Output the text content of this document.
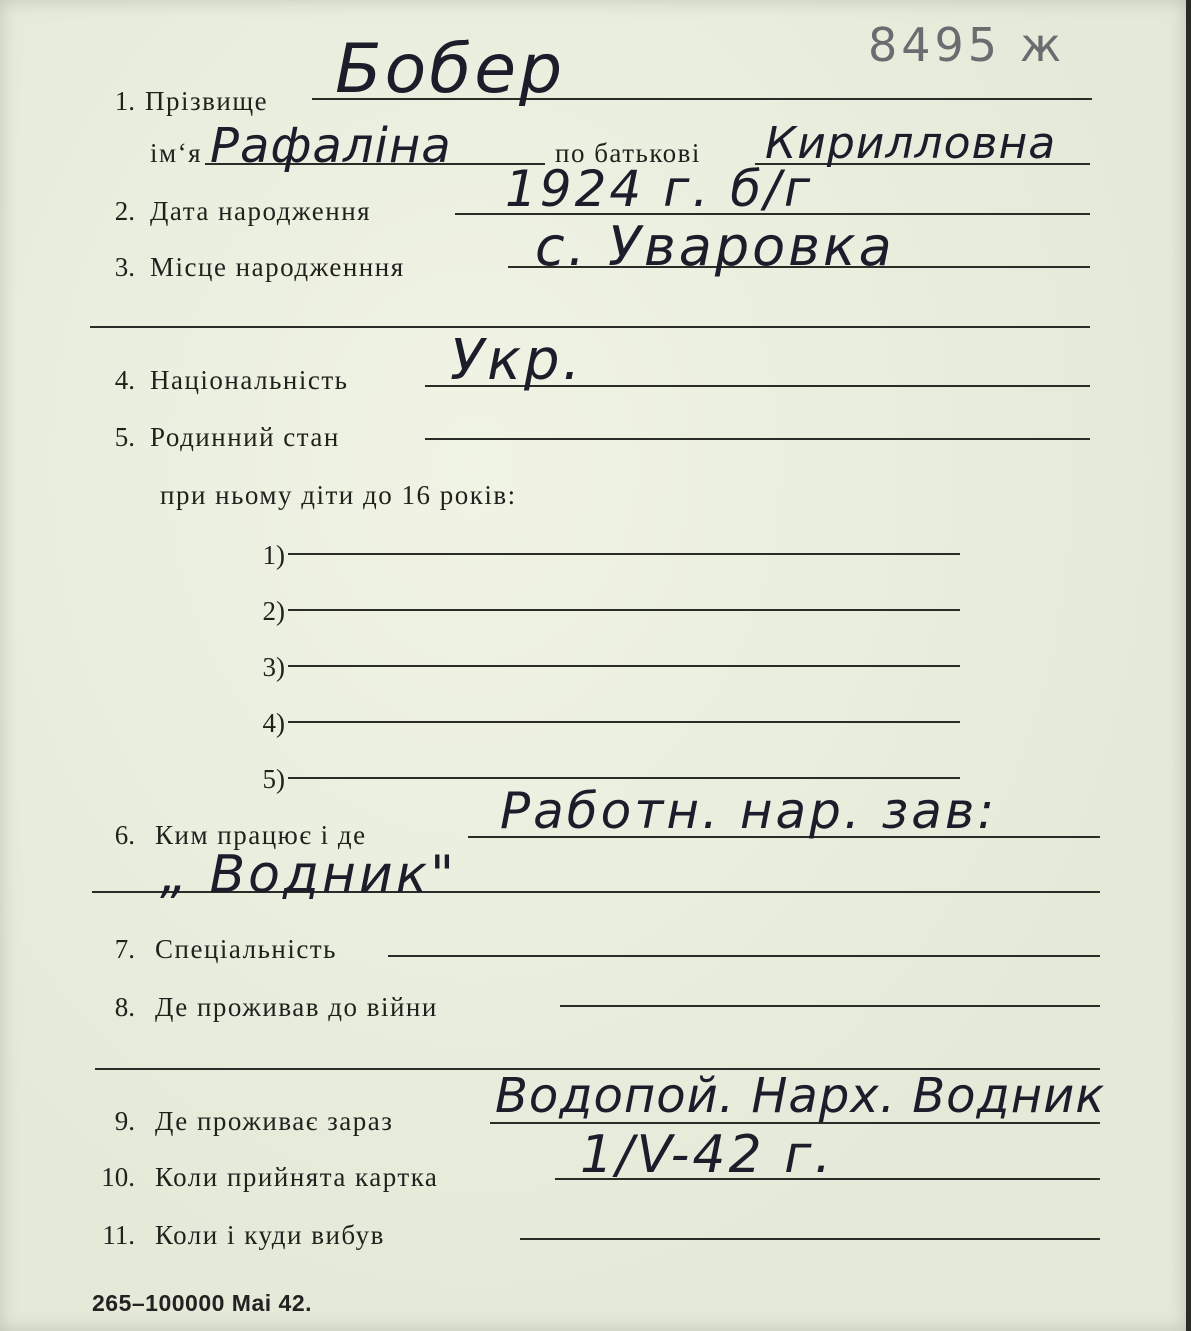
8495 ж
1. Прізвище Бобер
ім‘я Рафаліна	по батькові Кирилловна
2. Дата народження	1924 г. б/г
3. Місце народженння с. Уваровка
4. Національність Укр.
5. Родинний стан
при ньому діти до 16 років:
1)
2)
3)
4)
5)
6. Ким працює і де	Работн. нар. зав:
„ Водник"
7. Спеціальність
8. Де проживав до війни
9. Де проживає зараз Водопой. Нарх. Водник
10. Коли прийнята картка	1/V-42 г.
11. Коли і куди вибув
265–100000 Mai 42.
